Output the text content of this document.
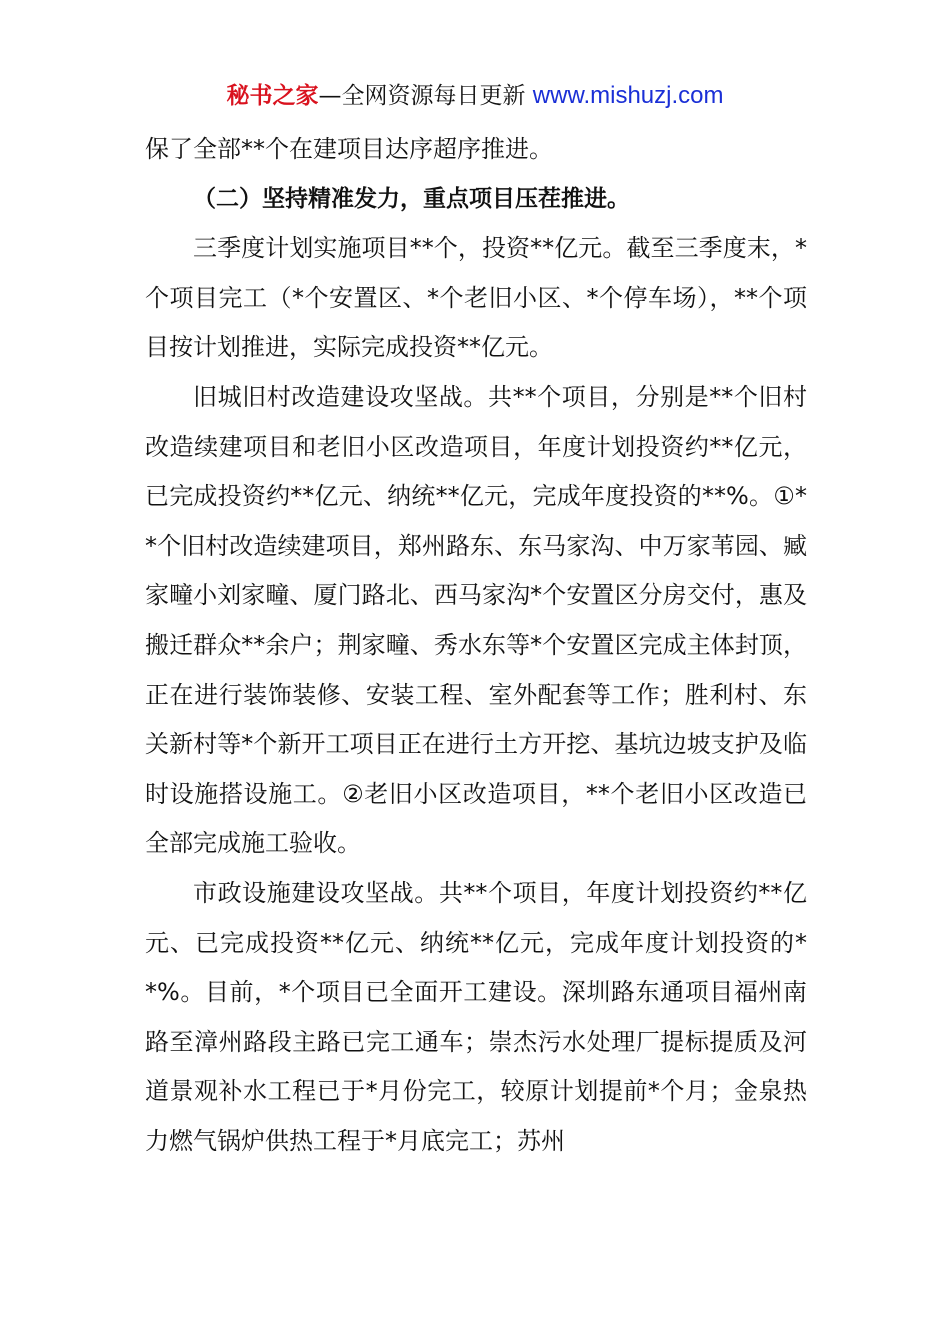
秘书之家—全网资源每日更新 www.mishuzj.com

保了全部**个在建项目达序超序推进。

（二）坚持精准发力，重点项目压茬推进。

三季度计划实施项目**个，投资**亿元。截至三季度末，*个项目完工（*个安置区、*个老旧小区、*个停车场），**个项目按计划推进，实际完成投资**亿元。

旧城旧村改造建设攻坚战。共**个项目，分别是**个旧村改造续建项目和老旧小区改造项目，年度计划投资约**亿元，已完成投资约**亿元、纳统**亿元，完成年度投资的**%。①**个旧村改造续建项目，郑州路东、东马家沟、中万家苇园、臧家疃小刘家疃、厦门路北、西马家沟*个安置区分房交付，惠及搬迁群众**余户；荆家疃、秀水东等*个安置区完成主体封顶，正在进行装饰装修、安装工程、室外配套等工作；胜利村、东关新村等*个新开工项目正在进行土方开挖、基坑边坡支护及临时设施搭设施工。②老旧小区改造项目，**个老旧小区改造已全部完成施工验收。

市政设施建设攻坚战。共**个项目，年度计划投资约**亿元、已完成投资**亿元、纳统**亿元，完成年度计划投资的**%。目前，*个项目已全面开工建设。深圳路东通项目福州南路至漳州路段主路已完工通车；崇杰污水处理厂提标提质及河道景观补水工程已于*月份完工，较原计划提前*个月；金泉热力燃气锅炉供热工程于*月底完工；苏州
